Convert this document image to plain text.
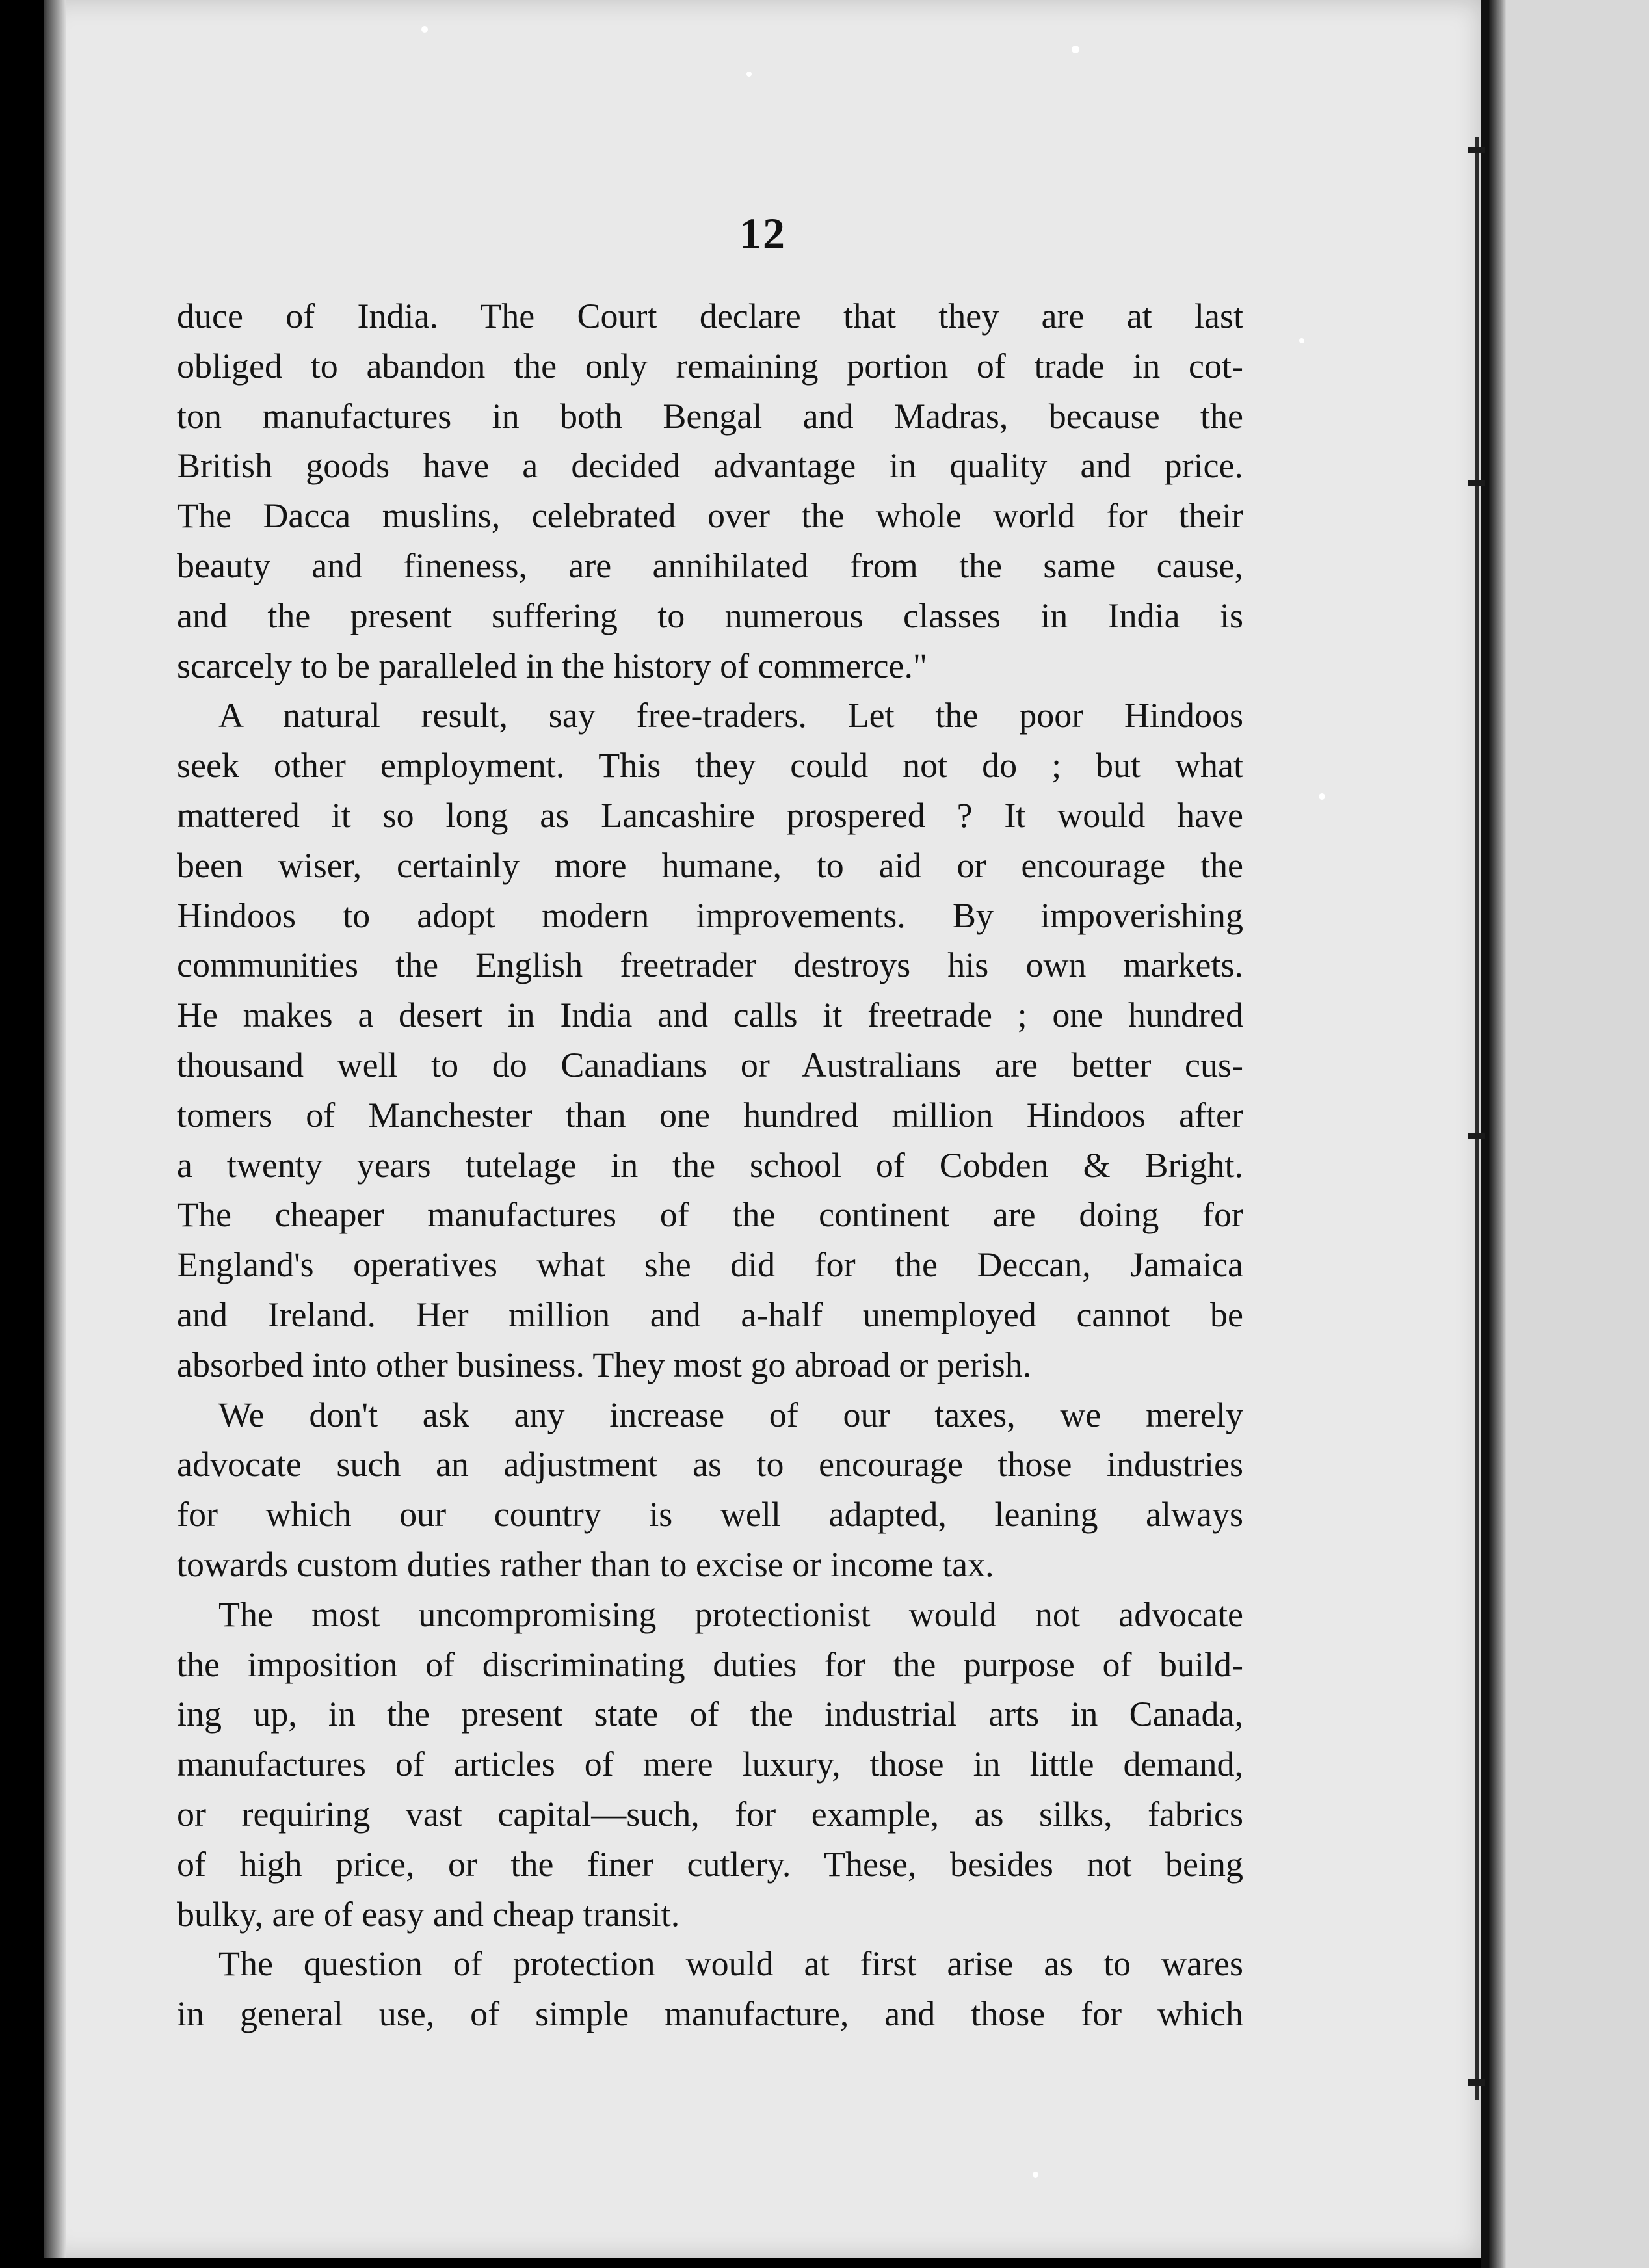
12
duce of India. The Court declare that they are at last
obliged to abandon the only remaining portion of trade in cot-
ton manufactures in both Bengal and Madras, because the
British goods have a decided advantage in quality and price.
The Dacca muslins, celebrated over the whole world for their
beauty and fineness, are annihilated from the same cause,
and the present suffering to numerous classes in India is
scarcely to be paralleled in the history of commerce."
A natural result, say free-traders. Let the poor Hindoos
seek other employment. This they could not do ; but what
mattered it so long as Lancashire prospered ? It would have
been wiser, certainly more humane, to aid or encourage the
Hindoos to adopt modern improvements. By impoverishing
communities the English freetrader destroys his own markets.
He makes a desert in India and calls it freetrade ; one hundred
thousand well to do Canadians or Australians are better cus-
tomers of Manchester than one hundred million Hindoos after
a twenty years tutelage in the school of Cobden & Bright.
The cheaper manufactures of the continent are doing for
England's operatives what she did for the Deccan, Jamaica
and Ireland. Her million and a-half unemployed cannot be
absorbed into other business. They most go abroad or perish.
We don't ask any increase of our taxes, we merely
advocate such an adjustment as to encourage those industries
for which our country is well adapted, leaning always
towards custom duties rather than to excise or income tax.
The most uncompromising protectionist would not advocate
the imposition of discriminating duties for the purpose of build-
ing up, in the present state of the industrial arts in Canada,
manufactures of articles of mere luxury, those in little demand,
or requiring vast capital—such, for example, as silks, fabrics
of high price, or the finer cutlery. These, besides not being
bulky, are of easy and cheap transit.
The question of protection would at first arise as to wares
in general use, of simple manufacture, and those for which
